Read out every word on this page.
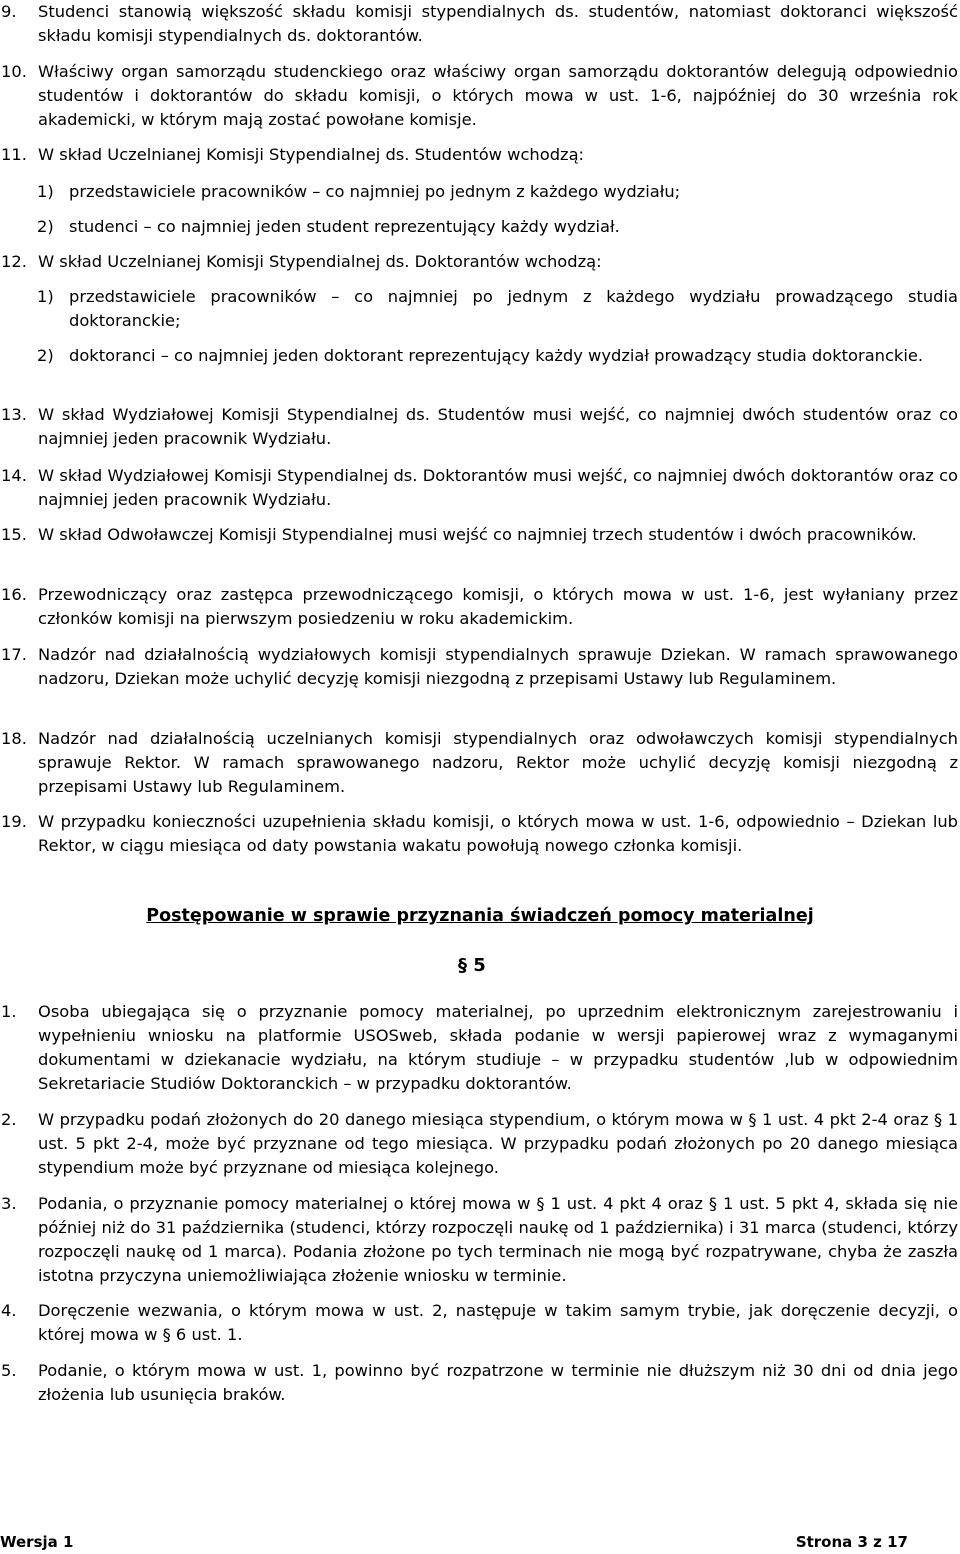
9.	Studenci stanowią większość składu komisji stypendialnych ds. studentów, natomiast doktoranci większość składu komisji stypendialnych ds. doktorantów.
10. Właściwy organ samorządu studenckiego oraz właściwy organ samorządu doktorantów delegują odpowiednio studentów i doktorantów do składu komisji, o których mowa w ust. 1-6, najpóźniej do 30 września rok akademicki, w którym mają zostać powołane komisje.
11. W skład Uczelnianej Komisji Stypendialnej ds. Studentów wchodzą:
1) przedstawiciele pracowników – co najmniej po jednym z każdego wydziału;
2) studenci – co najmniej jeden student reprezentujący każdy wydział.
12. W skład Uczelnianej Komisji Stypendialnej ds. Doktorantów wchodzą:
1) przedstawiciele pracowników – co najmniej po jednym z każdego wydziału prowadzącego studia doktoranckie;
2) doktoranci – co najmniej jeden doktorant reprezentujący każdy wydział prowadzący studia doktoranckie.
13. W skład Wydziałowej Komisji Stypendialnej ds. Studentów musi wejść, co najmniej dwóch studentów oraz co najmniej jeden pracownik Wydziału.
14. W skład Wydziałowej Komisji Stypendialnej ds. Doktorantów musi wejść, co najmniej dwóch doktorantów oraz co najmniej jeden pracownik Wydziału.
15. W skład Odwoławczej Komisji Stypendialnej musi wejść co najmniej trzech studentów i dwóch pracowników.
16. Przewodniczący oraz zastępca przewodniczącego komisji, o których mowa w ust. 1-6, jest wyłaniany przez członków komisji na pierwszym posiedzeniu w roku akademickim.
17. Nadzór nad działalnością wydziałowych komisji stypendialnych sprawuje Dziekan. W ramach sprawowanego nadzoru, Dziekan może uchylić decyzję komisji niezgodną z przepisami Ustawy lub Regulaminem.
18. Nadzór nad działalnością uczelnianych komisji stypendialnych oraz odwoławczych komisji stypendialnych sprawuje Rektor. W ramach sprawowanego nadzoru, Rektor może uchylić decyzję komisji niezgodną z przepisami Ustawy lub Regulaminem.
19. W przypadku konieczności uzupełnienia składu komisji, o których mowa w ust. 1-6, odpowiednio – Dziekan lub Rektor, w ciągu miesiąca od daty powstania wakatu powołują nowego członka komisji.
Postępowanie w sprawie przyznania świadczeń pomocy materialnej
§ 5
1.	Osoba ubiegająca się o przyznanie pomocy materialnej, po uprzednim elektronicznym zarejestrowaniu i wypełnieniu wniosku na platformie USOSweb, składa podanie w wersji papierowej wraz z wymaganymi dokumentami w dziekanacie wydziału, na którym studiuje – w przypadku studentów ,lub w odpowiednim Sekretariacie Studiów Doktoranckich – w przypadku doktorantów.
2.	W przypadku podań złożonych do 20 danego miesiąca stypendium, o którym mowa w § 1 ust. 4 pkt 2-4 oraz § 1 ust. 5 pkt 2-4, może być przyznane od tego miesiąca. W przypadku podań złożonych po 20 danego miesiąca stypendium może być przyznane od miesiąca kolejnego.
3.	Podania, o przyznanie pomocy materialnej o której mowa w § 1 ust. 4 pkt 4 oraz § 1 ust. 5 pkt 4, składa się nie później niż do 31 października (studenci, którzy rozpoczęli naukę od 1 października) i 31 marca (studenci, którzy rozpoczęli naukę od 1 marca). Podania złożone po tych terminach nie mogą być rozpatrywane, chyba że zaszła istotna przyczyna uniemożliwiająca złożenie wniosku w terminie.
4.	Doręczenie wezwania, o którym mowa w ust. 2, następuje w takim samym trybie, jak doręczenie decyzji, o której mowa w § 6 ust. 1.
5.	Podanie, o którym mowa w ust. 1, powinno być rozpatrzone w terminie nie dłuższym niż 30 dni od dnia jego złożenia lub usunięcia braków.
Wersja 1	Strona 3 z 17
